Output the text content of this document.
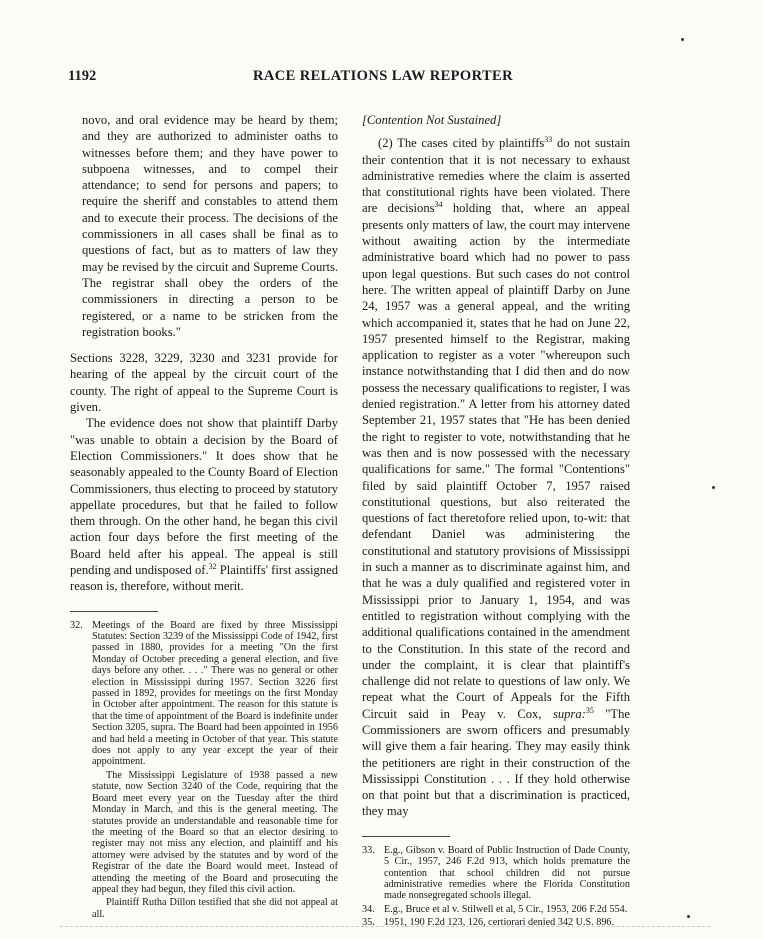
1192	RACE RELATIONS LAW REPORTER

novo, and oral evidence may be heard by them; and they are authorized to administer oaths to witnesses before them; and they have power to subpoena witnesses, and to compel their attendance; to send for persons and papers; to require the sheriff and constables to attend them and to execute their process. The decisions of the commissioners in all cases shall be final as to questions of fact, but as to matters of law they may be revised by the circuit and Supreme Courts. The registrar shall obey the orders of the commissioners in directing a person to be registered, or a name to be stricken from the registration books."

Sections 3228, 3229, 3230 and 3231 provide for hearing of the appeal by the circuit court of the county. The right of appeal to the Supreme Court is given.

The evidence does not show that plaintiff Darby "was unable to obtain a decision by the Board of Election Commissioners." It does show that he seasonably appealed to the County Board of Election Commissioners, thus electing to proceed by statutory appellate procedures, but that he failed to follow them through. On the other hand, he began this civil action four days before the first meeting of the Board held after his appeal. The appeal is still pending and undisposed of.$^{32}$ Plaintiffs' first assigned reason is, therefore, without merit.

32. Meetings of the Board are fixed by three Mississippi Statutes: Section 3239 of the Mississippi Code of 1942, first passed in 1880, provides for a meeting "On the first Monday of October preceding a general election, and five days before any other. . . ." There was no general or other election in Mississippi during 1957. Section 3226 first passed in 1892, provides for meetings on the first Monday in October after appointment. The reason for this statute is that the time of appointment of the Board is indefinite under Section 3205, supra. The Board had been appointed in 1956 and had held a meeting in October of that year. This statute does not apply to any year except the year of their appointment.

The Mississippi Legislature of 1938 passed a new statute, now Section 3240 of the Code, requiring that the Board meet every year on the Tuesday after the third Monday in March, and this is the general meeting. The statutes provide an understandable and reasonable time for the meeting of the Board so that an elector desiring to register may not miss any election, and plaintiff and his attorney were advised by the statutes and by word of the Registrar of the date the Board would meet. Instead of attending the meeting of the Board and prosecuting the appeal they had begun, they filed this civil action.

Plaintiff Rutha Dillon testified that she did not appeal at all.

[Contention Not Sustained]

(2) The cases cited by plaintiffs$^{33}$ do not sustain their contention that it is not necessary to exhaust administrative remedies where the claim is asserted that constitutional rights have been violated. There are decisions$^{34}$ holding that, where an appeal presents only matters of law, the court may intervene without awaiting action by the intermediate administrative board which had no power to pass upon legal questions. But such cases do not control here. The written appeal of plaintiff Darby on June 24, 1957 was a general appeal, and the writing which accompanied it, states that he had on June 22, 1957 presented himself to the Registrar, making application to register as a voter "whereupon such instance notwithstanding that I did then and do now possess the necessary qualifications to register, I was denied registration." A letter from his attorney dated September 21, 1957 states that "He has been denied the right to register to vote, notwithstanding that he was then and is now possessed with the necessary qualifications for same." The formal "Contentions" filed by said plaintiff October 7, 1957 raised constitutional questions, but also reiterated the questions of fact theretofore relied upon, to-wit: that defendant Daniel was administering the constitutional and statutory provisions of Mississippi in such a manner as to discriminate against him, and that he was a duly qualified and registered voter in Mississippi prior to January 1, 1954, and was entitled to registration without complying with the additional qualifications contained in the amendment to the Constitution. In this state of the record and under the complaint, it is clear that plaintiff's challenge did not relate to questions of law only. We repeat what the Court of Appeals for the Fifth Circuit said in Peay v. Cox, supra:$^{35}$ "The Commissioners are sworn officers and presumably will give them a fair hearing. They may easily think the petitioners are right in their construction of the Mississippi Constitution . . . If they hold otherwise on that point but that a discrimination is practiced, they may

33. E.g., Gibson v. Board of Public Instruction of Dade County, 5 Cir., 1957, 246 F.2d 913, which holds premature the contention that school children did not pursue administrative remedies where the Florida Constitution made nonsegregated schools illegal.
34. E.g., Bruce et al v. Stilwell et al, 5 Cir., 1953, 206 F.2d 554.
35. 1951, 190 F.2d 123, 126, certiorari denied 342 U.S. 896.
